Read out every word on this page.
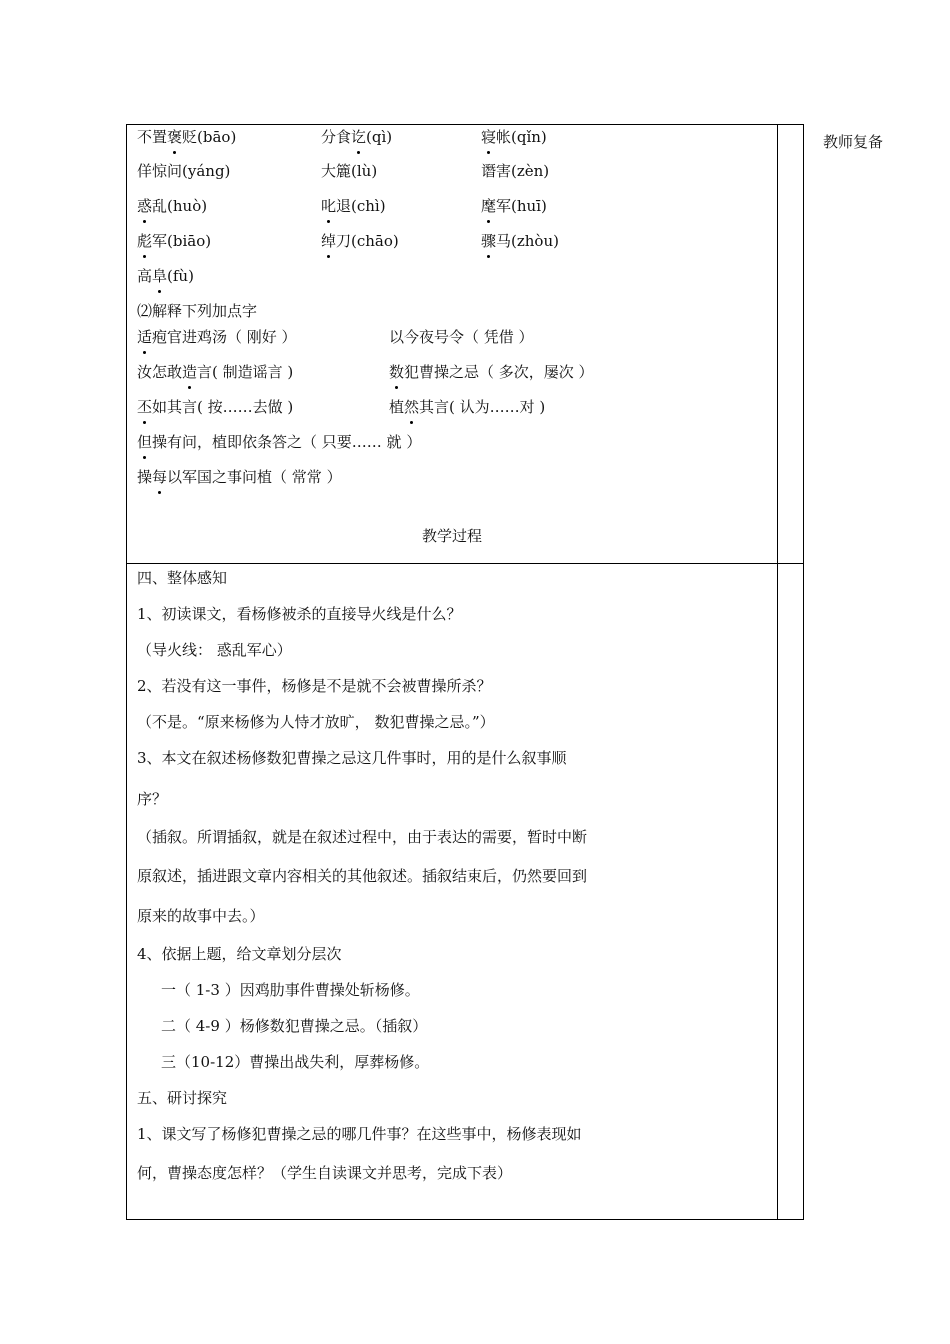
教师复备
不置褒贬(bāo)	分食讫(qì)	寝帐(qǐn)
佯惊问(yáng)	大簏(lù)	谮害(zèn)
惑乱(huò)	叱退(chì)	麾军(huī)
彪军(biāo)	绰刀(chāo)	骤马(zhòu)
高阜(fù)
⑵解释下列加点字
适疱官进鸡汤（ 刚好 ）	以今夜号令（ 凭借 ）
汝怎敢造言( 制造谣言 )	数犯曹操之忌（ 多次，屡次 ）
丕如其言( 按……去做 )	植然其言( 认为……对 )
但操有问，植即依条答之（ 只要…… 就 ）
操每以军国之事问植（ 常常 ）
教学过程
四、整体感知
1、初读课文，看杨修被杀的直接导火线是什么？
（导火线： 惑乱军心）
2、若没有这一事件，杨修是不是就不会被曹操所杀？
（不是。“原来杨修为人恃才放旷， 数犯曹操之忌。”）
3、本文在叙述杨修数犯曹操之忌这几件事时，用的是什么叙事顺
序？
（插叙。所谓插叙，就是在叙述过程中，由于表达的需要，暂时中断
原叙述，插进跟文章内容相关的其他叙述。插叙结束后，仍然要回到
原来的故事中去。）
4、依据上题，给文章划分层次
一（ 1-3 ）因鸡肋事件曹操处斩杨修。
二（ 4-9 ）杨修数犯曹操之忌。（插叙）
三（10-12）曹操出战失利，厚葬杨修。
五、研讨探究
1、课文写了杨修犯曹操之忌的哪几件事？在这些事中，杨修表现如
何，曹操态度怎样？（学生自读课文并思考，完成下表）
